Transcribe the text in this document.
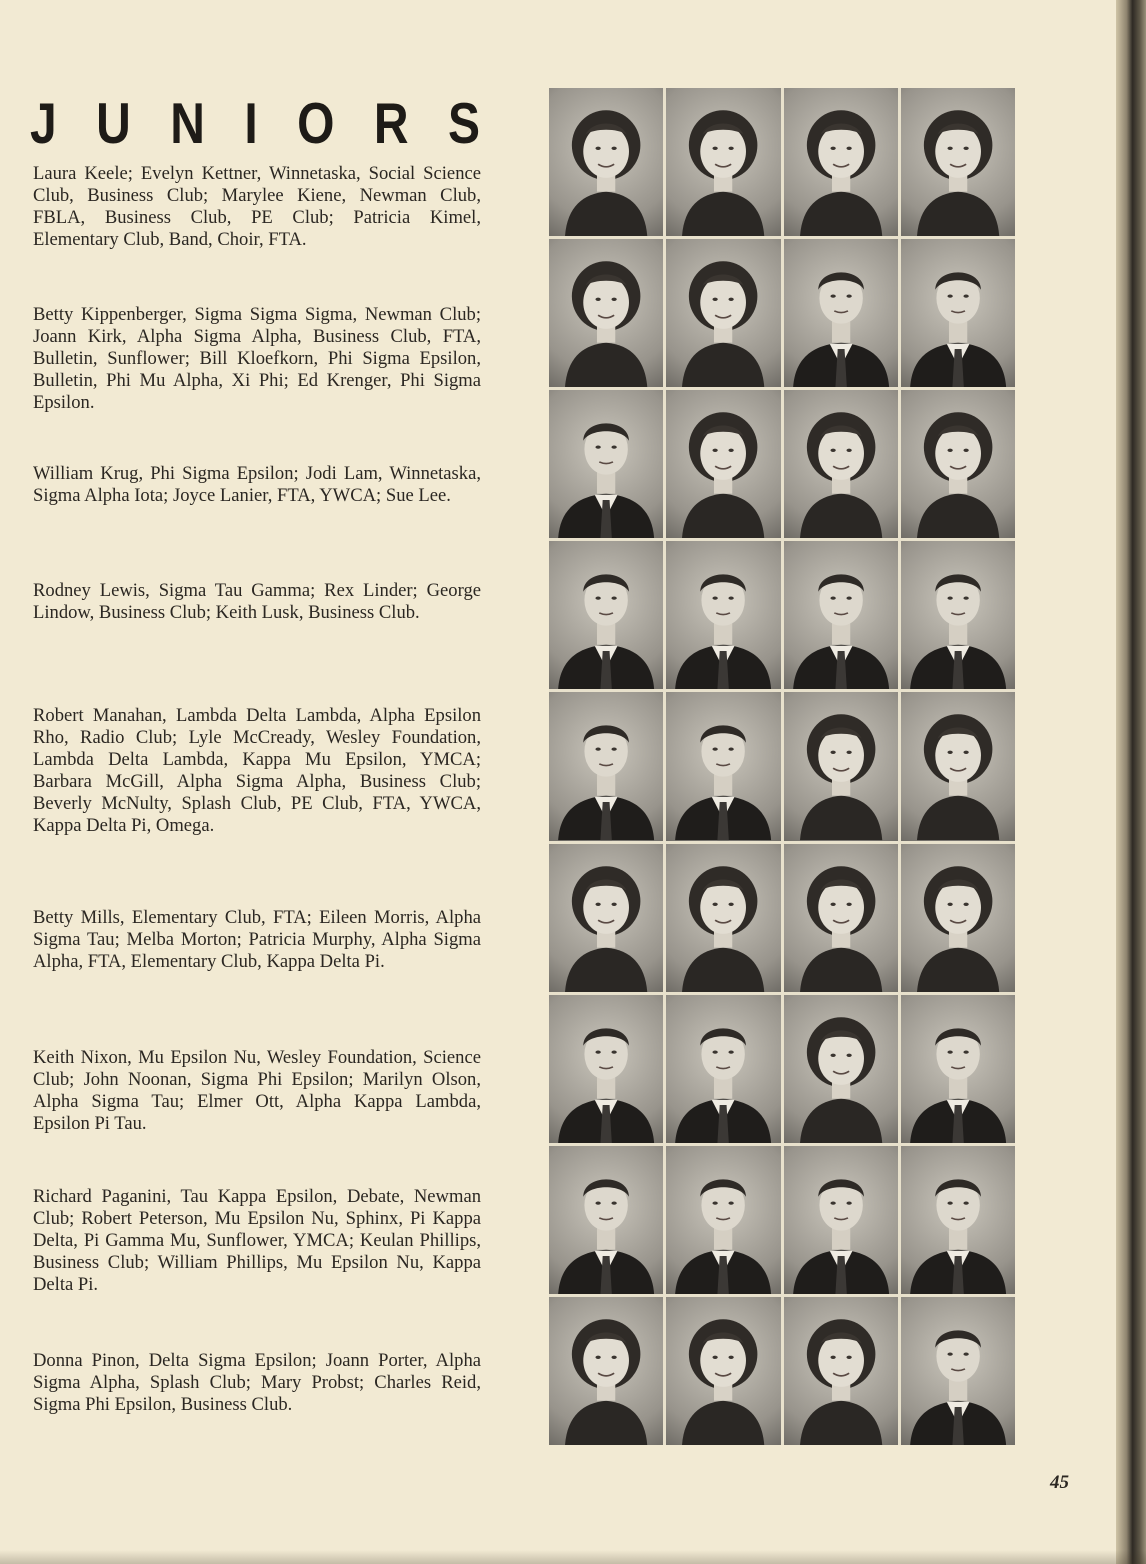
J U N I O R S

Laura Keele; Evelyn Kettner, Winnetaska, Social Science Club, Business Club; Marylee Kiene, Newman Club, FBLA, Business Club, PE Club; Patricia Kimel, Elementary Club, Band, Choir, FTA.

Betty Kippenberger, Sigma Sigma Sigma, Newman Club; Joann Kirk, Alpha Sigma Alpha, Business Club, FTA, Bulletin, Sunflower; Bill Kloefkorn, Phi Sigma Epsilon, Bulletin, Phi Mu Alpha, Xi Phi; Ed Krenger, Phi Sigma Epsilon.

William Krug, Phi Sigma Epsilon; Jodi Lam, Winnetaska, Sigma Alpha Iota; Joyce Lanier, FTA, YWCA; Sue Lee.

Rodney Lewis, Sigma Tau Gamma; Rex Linder; George Lindow, Business Club; Keith Lusk, Business Club.

Robert Manahan, Lambda Delta Lambda, Alpha Epsilon Rho, Radio Club; Lyle McCready, Wesley Foundation, Lambda Delta Lambda, Kappa Mu Epsilon, YMCA; Barbara McGill, Alpha Sigma Alpha, Business Club; Beverly McNulty, Splash Club, PE Club, FTA, YWCA, Kappa Delta Pi, Omega.

Betty Mills, Elementary Club, FTA; Eileen Morris, Alpha Sigma Tau; Melba Morton; Patricia Murphy, Alpha Sigma Alpha, FTA, Elementary Club, Kappa Delta Pi.

Keith Nixon, Mu Epsilon Nu, Wesley Foundation, Science Club; John Noonan, Sigma Phi Epsilon; Marilyn Olson, Alpha Sigma Tau; Elmer Ott, Alpha Kappa Lambda, Epsilon Pi Tau.

Richard Paganini, Tau Kappa Epsilon, Debate, Newman Club; Robert Peterson, Mu Epsilon Nu, Sphinx, Pi Kappa Delta, Pi Gamma Mu, Sunflower, YMCA; Keulan Phillips, Business Club; William Phillips, Mu Epsilon Nu, Kappa Delta Pi.

Donna Pinon, Delta Sigma Epsilon; Joann Porter, Alpha Sigma Alpha, Splash Club; Mary Probst; Charles Reid, Sigma Phi Epsilon, Business Club.

45
